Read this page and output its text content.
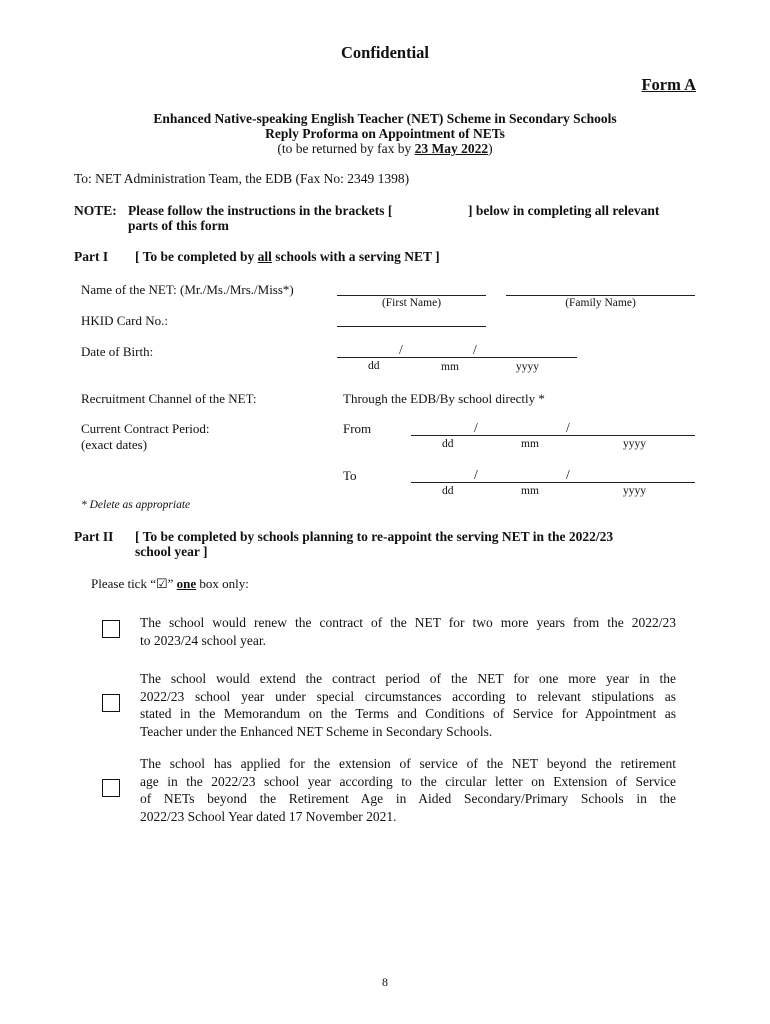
Confidential
Form A
Enhanced Native-speaking English Teacher (NET) Scheme in Secondary Schools
Reply Proforma on Appointment of NETs
(to be returned by fax by 23 May 2022)
To: NET Administration Team, the EDB (Fax No: 2349 1398)
NOTE: Please follow the instructions in the brackets [	] below in completing all relevant
parts of this form
Part I [ To be completed by all schools with a serving NET ]
Name of the NET: (Mr./Ms./Mrs./Miss*)
(First Name)	(Family Name)
HKID Card No.:
Date of Birth:	/	/
dd	mm	yyyy
Recruitment Channel of the NET:	Through the EDB/By school directly *
Current Contract Period:
(exact dates)
From	/	/
dd	mm	yyyy
To	/	/
dd	mm	yyyy
* Delete as appropriate
Part II [ To be completed by schools planning to re-appoint the serving NET in the 2022/23
school year ]
Please tick “☑” one box only:
The school would renew the contract of the NET for two more years from the 2022/23
to 2023/24 school year.
The school would extend the contract period of the NET for one more year in the
2022/23 school year under special circumstances according to relevant stipulations as
stated in the Memorandum on the Terms and Conditions of Service for Appointment as
Teacher under the Enhanced NET Scheme in Secondary Schools.
The school has applied for the extension of service of the NET beyond the retirement
age in the 2022/23 school year according to the circular letter on Extension of Service
of NETs beyond the Retirement Age in Aided Secondary/Primary Schools in the
2022/23 School Year dated 17 November 2021.
8
